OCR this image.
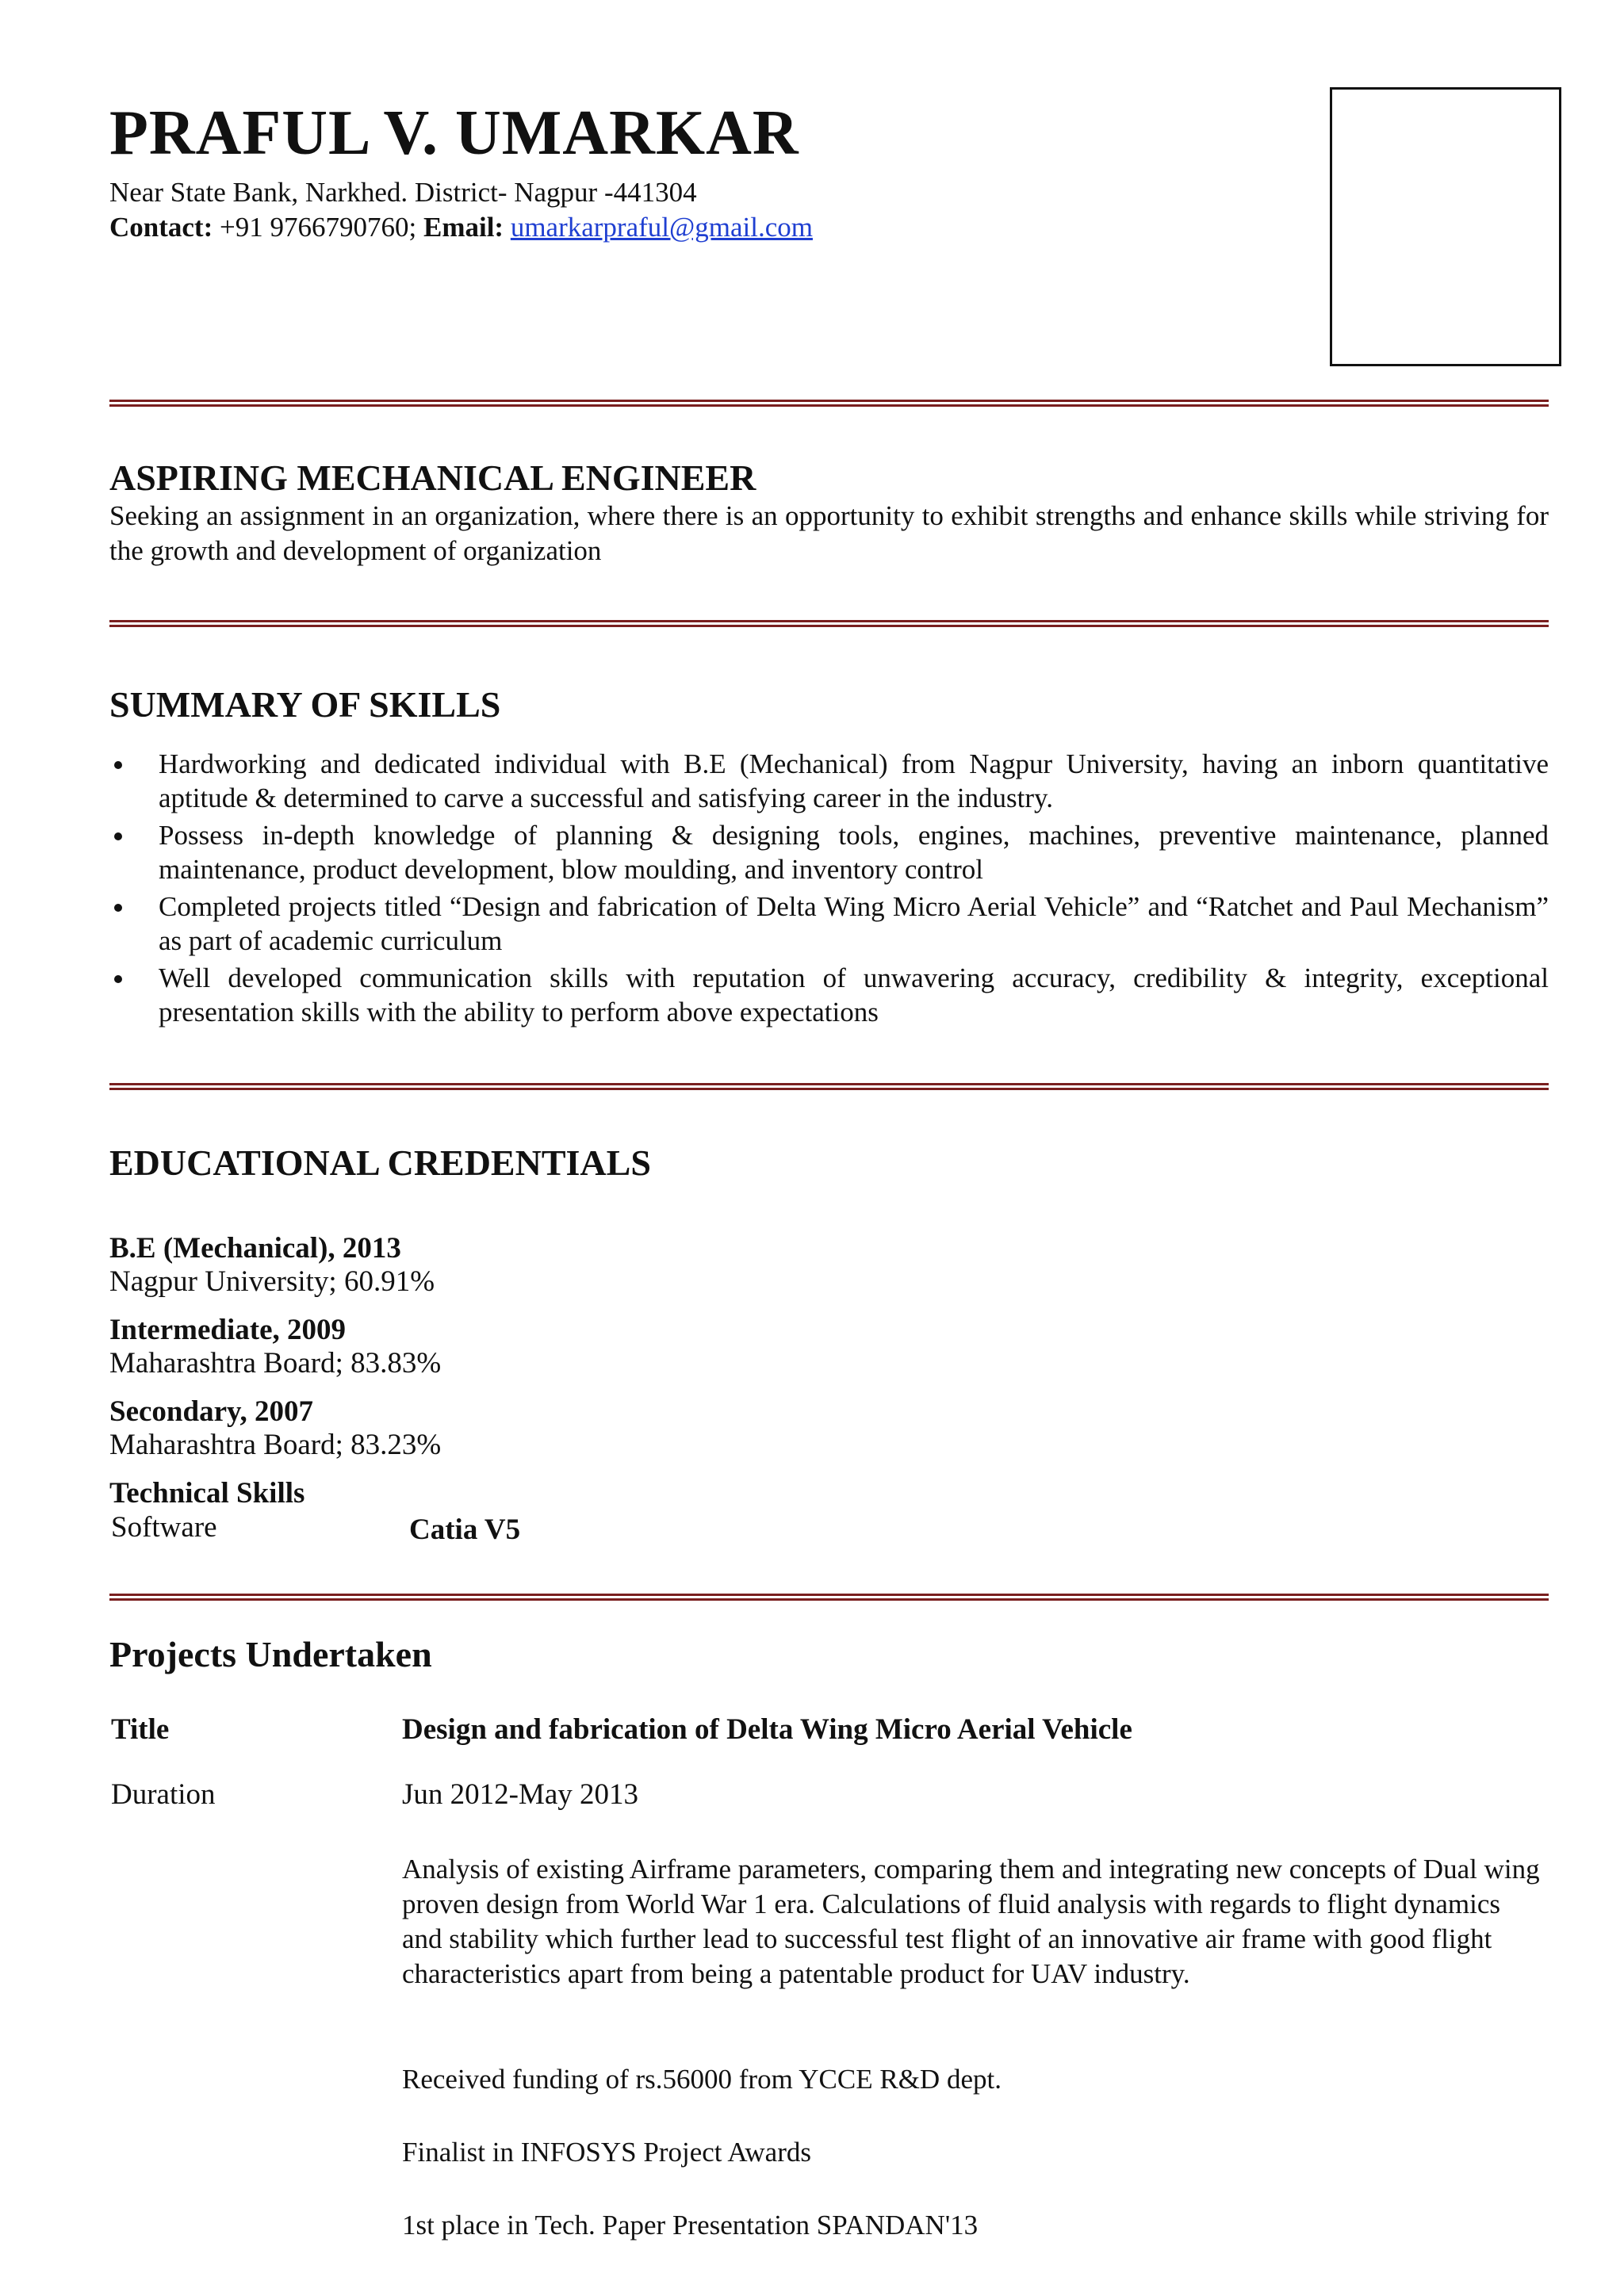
PRAFUL V. UMARKAR
Near State Bank, Narkhed. District- Nagpur -441304
Contact: +91 9766790760; Email: umarkarpraful@gmail.com
ASPIRING MECHANICAL ENGINEER
Seeking an assignment in an organization, where there is an opportunity to exhibit strengths and enhance skills while striving for the growth and development of organization
SUMMARY OF SKILLS
Hardworking and dedicated individual with B.E (Mechanical) from Nagpur University, having an inborn quantitative aptitude & determined to carve a successful and satisfying career in the industry.
Possess in-depth knowledge of planning & designing tools, engines, machines, preventive maintenance, planned maintenance, product development, blow moulding, and inventory control
Completed projects titled “Design and fabrication of Delta Wing Micro Aerial Vehicle” and “Ratchet and Paul Mechanism” as part of academic curriculum
Well developed communication skills with reputation of unwavering accuracy, credibility & integrity, exceptional presentation skills with the ability to perform above expectations
EDUCATIONAL CREDENTIALS
B.E (Mechanical), 2013
Nagpur University; 60.91%
Intermediate, 2009
Maharashtra Board; 83.83%
Secondary, 2007
Maharashtra Board; 83.23%
Technical Skills
Software	Catia V5
Projects Undertaken
Title	Design and fabrication of Delta Wing Micro Aerial Vehicle
Duration	Jun 2012-May 2013
Analysis of existing Airframe parameters, comparing them and integrating new concepts of Dual wing proven design from World War 1 era. Calculations of fluid analysis with regards to flight dynamics and stability which further lead to successful test flight of an innovative air frame with good flight characteristics apart from being a patentable product for UAV industry.
Received funding of rs.56000 from YCCE R&D dept.
Finalist in INFOSYS Project Awards
1st place in Tech. Paper Presentation SPANDAN'13
